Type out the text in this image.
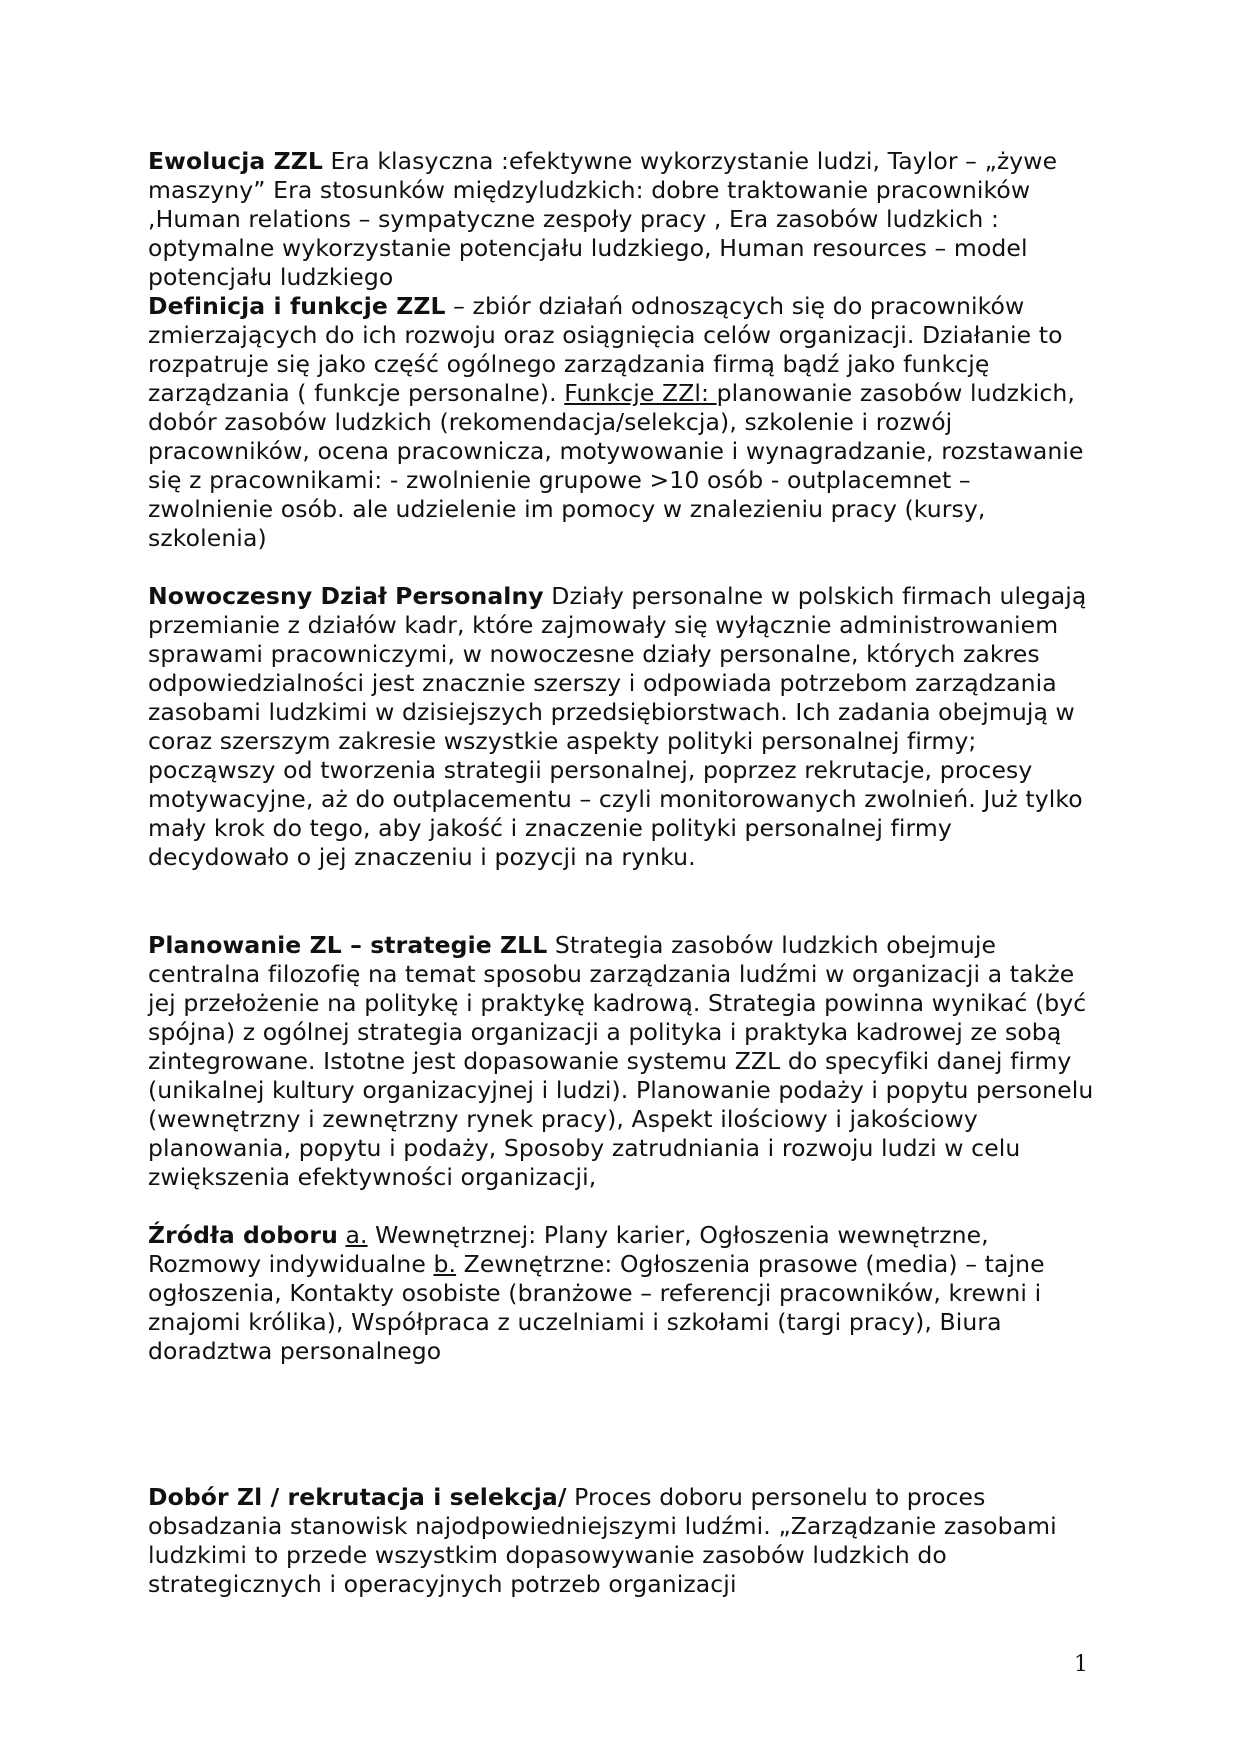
Ewolucja ZZL Era klasyczna :efektywne wykorzystanie ludzi, Taylor – „żywe maszyny” Era stosunków międzyludzkich: dobre traktowanie pracowników ,Human relations – sympatyczne zespoły pracy , Era zasobów ludzkich : optymalne wykorzystanie potencjału ludzkiego, Human resources – model potencjału ludzkiego

Definicja i funkcje ZZL – zbiór działań odnoszących się do pracowników zmierzających do ich rozwoju oraz osiągnięcia celów organizacji. Działanie to rozpatruje się jako część ogólnego zarządzania firmą bądź jako funkcję zarządzania ( funkcje personalne). Funkcje ZZl: planowanie zasobów ludzkich, dobór zasobów ludzkich (rekomendacja/selekcja), szkolenie i rozwój pracowników, ocena pracownicza, motywowanie i wynagradzanie, rozstawanie się z pracownikami: - zwolnienie grupowe >10 osób - outplacemnet – zwolnienie osób. ale udzielenie im pomocy w znalezieniu pracy (kursy, szkolenia)

Nowoczesny Dział Personalny Działy personalne w polskich firmach ulegają przemianie z działów kadr, które zajmowały się wyłącznie administrowaniem sprawami pracowniczymi, w nowoczesne działy personalne, których zakres odpowiedzialności jest znacznie szerszy i odpowiada potrzebom zarządzania zasobami ludzkimi w dzisiejszych przedsiębiorstwach. Ich zadania obejmują w coraz szerszym zakresie wszystkie aspekty polityki personalnej firmy; począwszy od tworzenia strategii personalnej, poprzez rekrutacje, procesy motywacyjne, aż do outplacementu – czyli monitorowanych zwolnień. Już tylko mały krok do tego, aby jakość i znaczenie polityki personalnej firmy decydowało o jej znaczeniu i pozycji na rynku.

Planowanie ZL – strategie ZLL Strategia zasobów ludzkich obejmuje centralna filozofię na temat sposobu zarządzania ludźmi w organizacji a także jej przełożenie na politykę i praktykę kadrową. Strategia powinna wynikać (być spójna) z ogólnej strategia organizacji a polityka i praktyka kadrowej ze sobą zintegrowane. Istotne jest dopasowanie systemu ZZL do specyfiki danej firmy (unikalnej kultury organizacyjnej i ludzi). Planowanie podaży i popytu personelu (wewnętrzny i zewnętrzny rynek pracy), Aspekt ilościowy i jakościowy planowania, popytu i podaży, Sposoby zatrudniania i rozwoju ludzi w celu zwiększenia efektywności organizacji,

Źródła doboru a. Wewnętrznej: Plany karier, Ogłoszenia wewnętrzne, Rozmowy indywidualne b. Zewnętrzne: Ogłoszenia prasowe (media) – tajne ogłoszenia, Kontakty osobiste (branżowe – referencji pracowników, krewni i znajomi królika), Współpraca z uczelniami i szkołami (targi pracy), Biura doradztwa personalnego

Dobór Zl / rekrutacja i selekcja/ Proces doboru personelu to proces obsadzania stanowisk najodpowiedniejszymi ludźmi. „Zarządzanie zasobami ludzkimi to przede wszystkim dopasowywanie zasobów ludzkich do strategicznych i operacyjnych potrzeb organizacji

1
